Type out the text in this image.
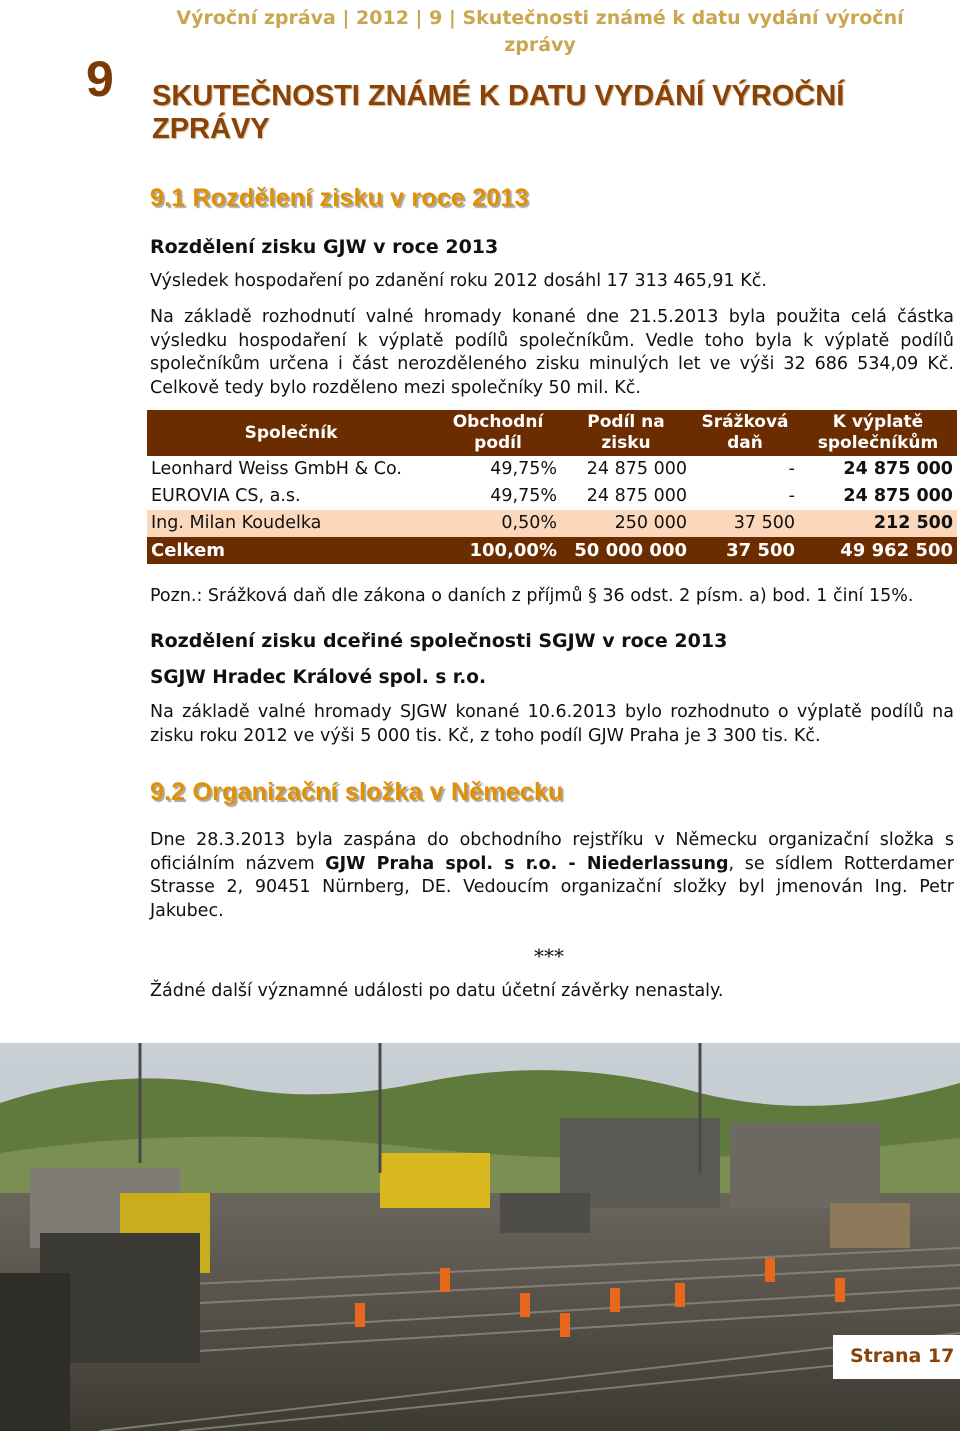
Výroční zpráva | 2012 | 9 | Skutečnosti známé k datu vydání výroční zprávy
9 SKUTEČNOSTI ZNÁMÉ K DATU VYDÁNÍ VÝROČNÍ ZPRÁVY
9.1 Rozdělení zisku v roce 2013
Rozdělení zisku GJW v roce 2013
Výsledek hospodaření po zdanění roku 2012 dosáhl 17 313 465,91 Kč.
Na základě rozhodnutí valné hromady konané dne 21.5.2013 byla použita celá částka výsledku hospodaření k výplatě podílů společníkům. Vedle toho byla k výplatě podílů společníkům určena i část nerozděleného zisku minulých let ve výši 32 686 534,09 Kč. Celkově tedy bylo rozděleno mezi společníky 50 mil. Kč.
Společník	Obchodní podíl	Podíl na zisku	Srážková daň	K výplatě společníkům
Leonhard Weiss GmbH & Co.	49,75%	24 875 000	-	24 875 000
EUROVIA CS, a.s.	49,75%	24 875 000	-	24 875 000
Ing. Milan Koudelka	0,50%	250 000	37 500	212 500
Celkem	100,00%	50 000 000	37 500	49 962 500
Pozn.: Srážková daň dle zákona o daních z příjmů § 36 odst. 2 písm. a) bod. 1 činí 15%.
Rozdělení zisku dceřiné společnosti SGJW v roce 2013
SGJW Hradec Králové spol. s r.o.
Na základě valné hromady SJGW konané 10.6.2013 bylo rozhodnuto o výplatě podílů na zisku roku 2012 ve výši 5 000 tis. Kč, z toho podíl GJW Praha je 3 300 tis. Kč.
9.2 Organizační složka v Německu
Dne 28.3.2013 byla zaspána do obchodního rejstříku v Německu organizační složka s oficiálním názvem GJW Praha spol. s r.o. - Niederlassung, se sídlem Rotterdamer Strasse 2, 90451 Nürnberg, DE. Vedoucím organizační složky byl jmenován Ing. Petr Jakubec.
***
Žádné další významné události po datu účetní závěrky nenastaly.
Strana 17
